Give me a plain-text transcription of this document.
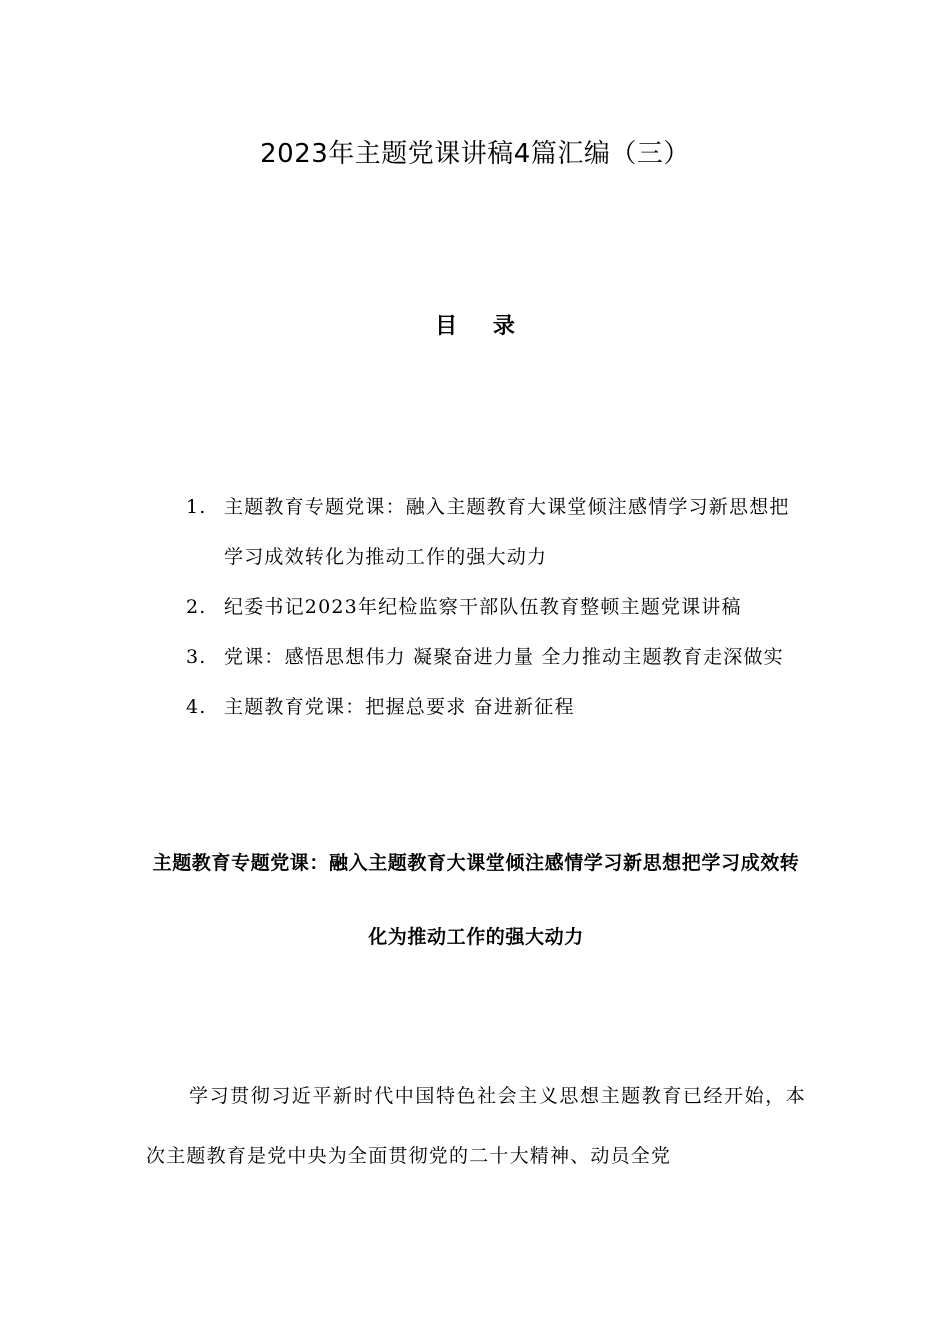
2023年主题党课讲稿4篇汇编（三）
目 录
1. 主题教育专题党课：融入主题教育大课堂倾注感情学习新思想把学习成效转化为推动工作的强大动力
2. 纪委书记2023年纪检监察干部队伍教育整顿主题党课讲稿
3. 党课：感悟思想伟力 凝聚奋进力量 全力推动主题教育走深做实
4. 主题教育党课：把握总要求 奋进新征程
主题教育专题党课：融入主题教育大课堂倾注感情学习新思想把学习成效转化为推动工作的强大动力

学习贯彻习近平新时代中国特色社会主义思想主题教育已经开始，本次主题教育是党中央为全面贯彻党的二十大精神、动员全党
